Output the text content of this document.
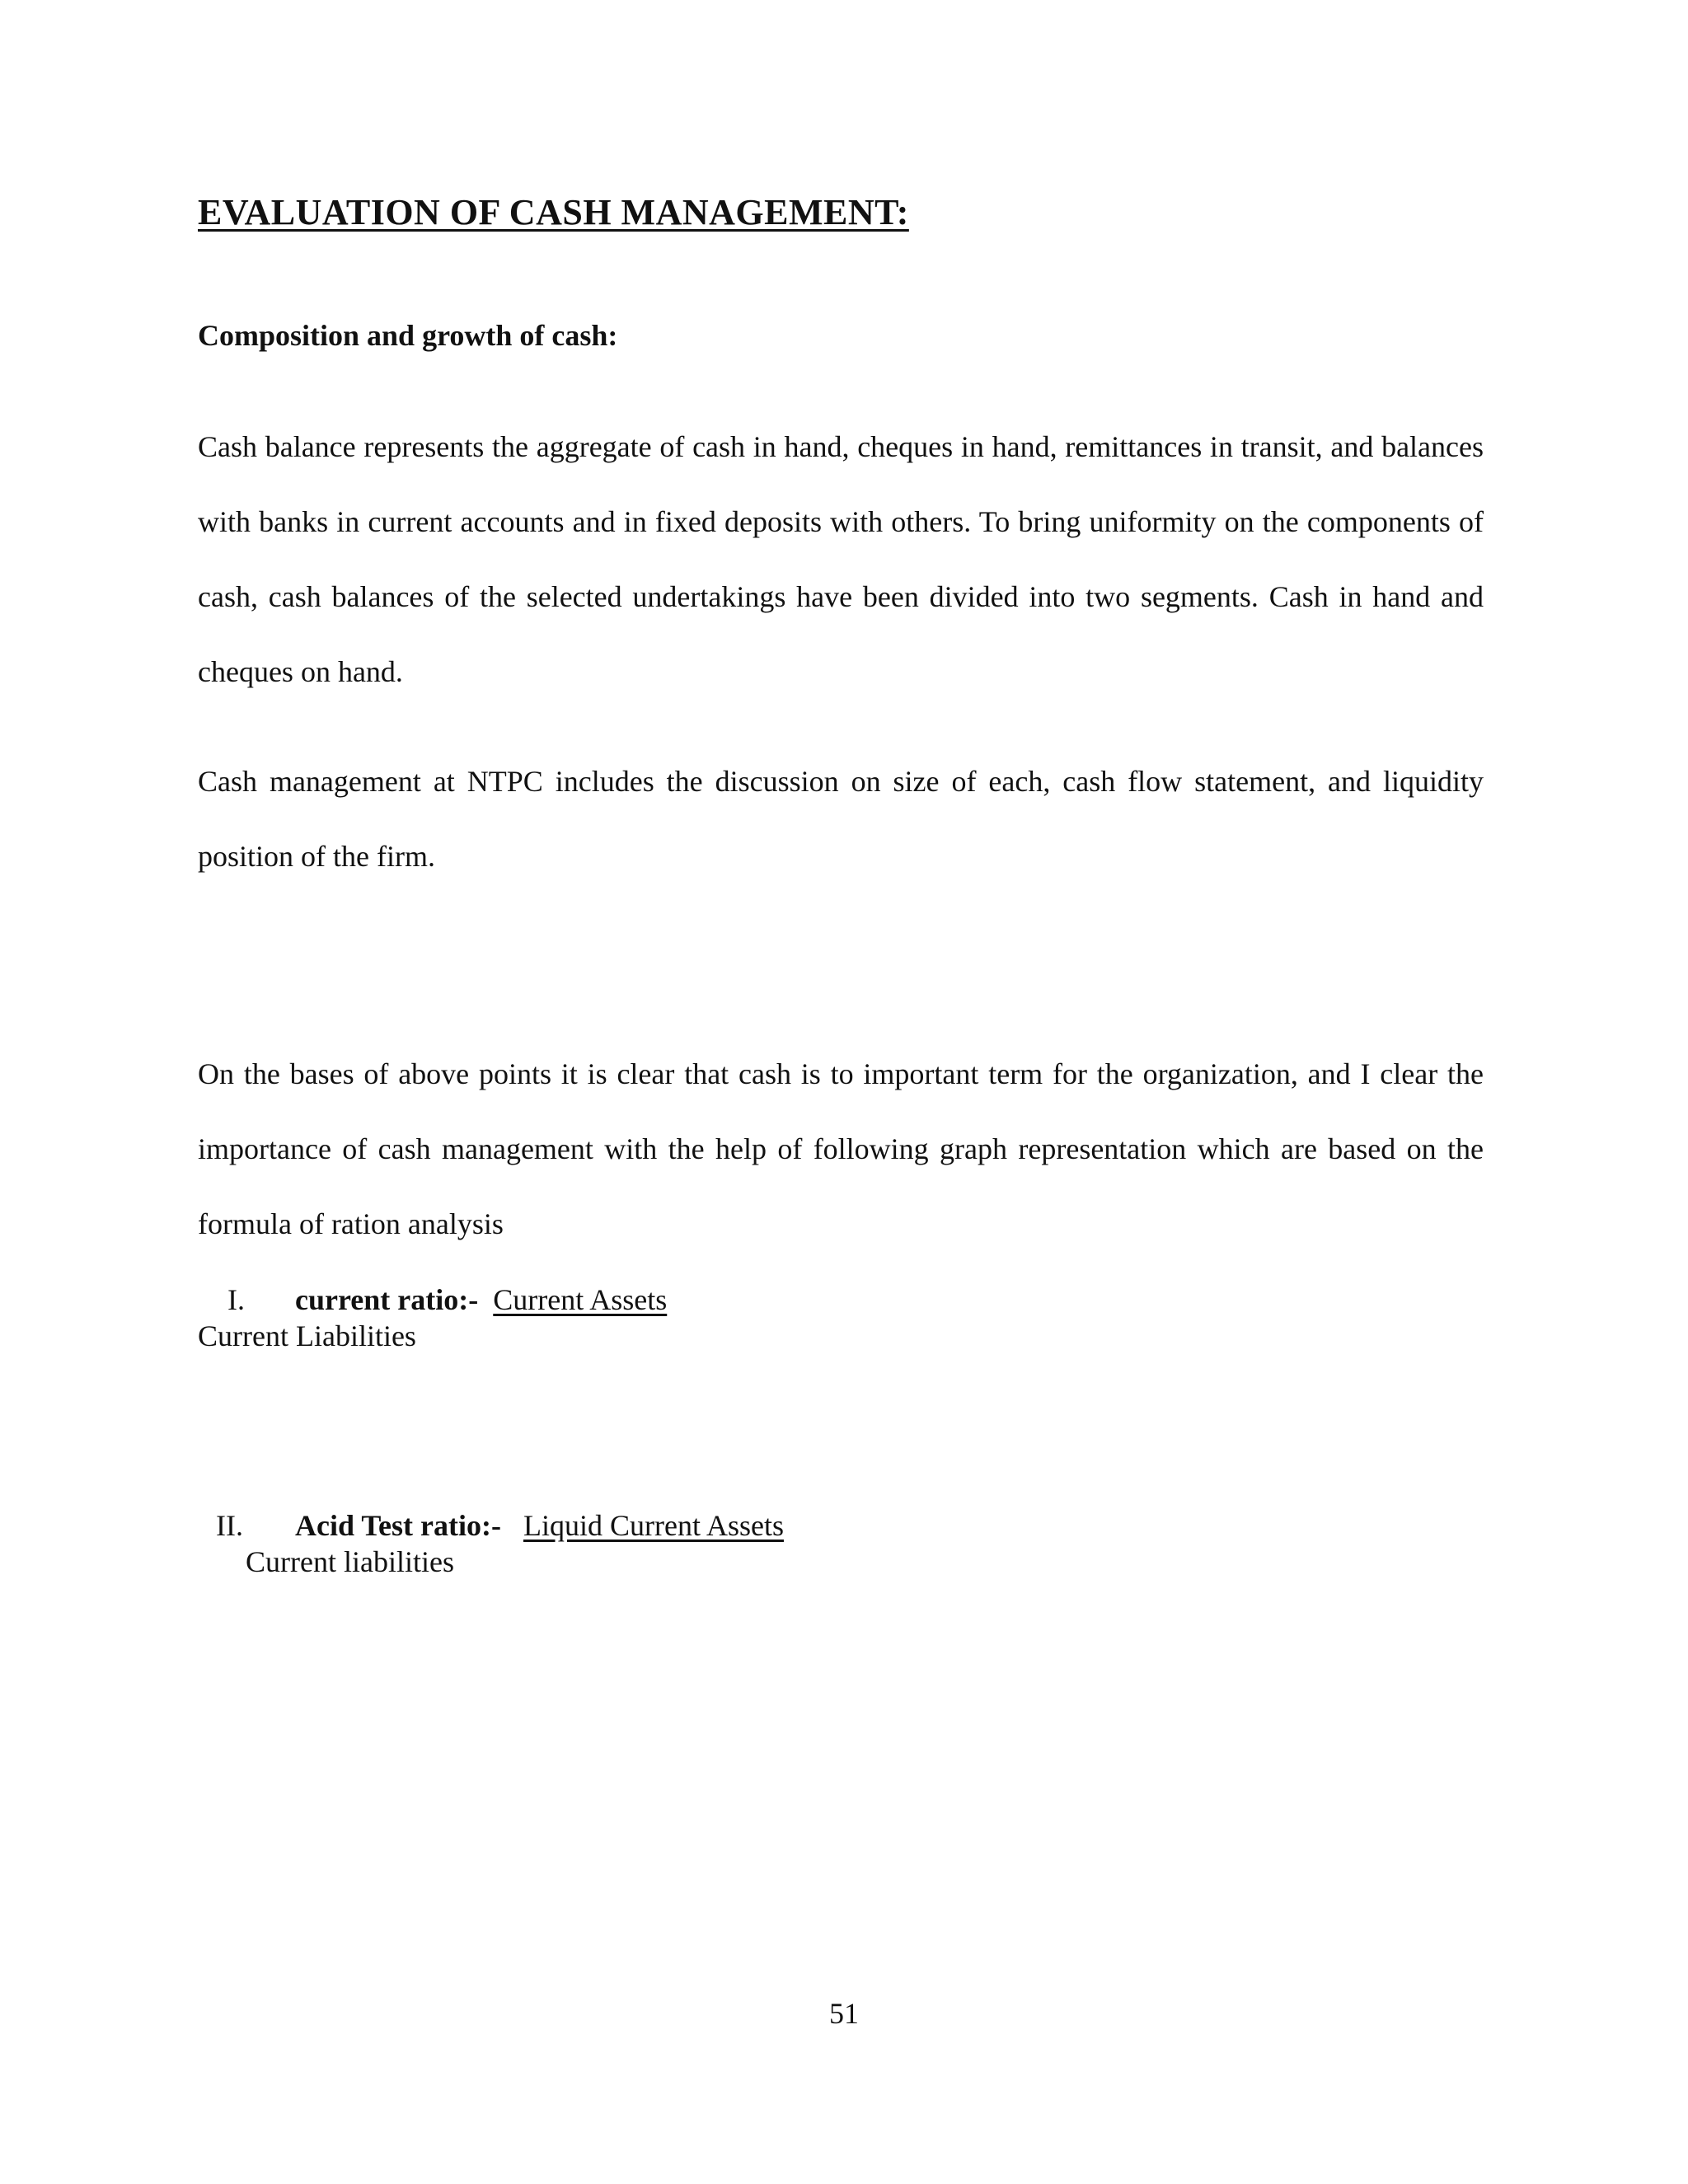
EVALUATION OF CASH MANAGEMENT:
Composition and growth of cash:

Cash balance represents the aggregate of cash in hand, cheques in hand, remittances in transit, and balances with banks in current accounts and in fixed deposits with others. To bring uniformity on the components of cash, cash balances of the selected undertakings have been divided into two segments. Cash in hand and cheques on hand.

Cash management at NTPC includes the discussion on size of each, cash flow statement, and liquidity position of the firm.

On the bases of above points it is clear that cash is to important term for the organization, and I clear the importance of cash management with the help of following graph representation which are based on the formula of ration analysis

I. current ratio:- Current Assets
Current Liabilities
II. Acid Test ratio:- Liquid Current Assets
Current liabilities

51
